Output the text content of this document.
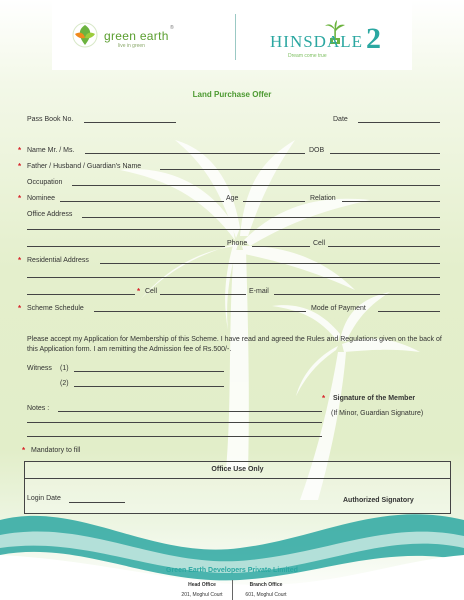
green earth
®
live in green	HINSDALE 2
Dream come true
Land Purchase Offer
Pass Book No.	Date
* Name Mr. / Ms.	DOB
* Father / Husband / Guardian's Name
Occupation
* Nominee	Age	Relation
Office Address
Phone	Cell
* Residential Address
* Cell	E-mail
* Scheme Schedule	Mode of Payment
Please accept my Application for Membership of this Scheme. I have read and agreed the Rules and Regulations given on the back of this Application form. I am remitting the Admission fee of Rs.500/-.
Witness (1)
(2)
Notes :
* Signature of the Member
(If Minor, Guardian Signature)
* Mandatory to fill
Office Use Only
Login Date	Authorized Signatory
Green Earth Developers Private Limited
Head Office
201, Moghul Court
Branch Office
601, Moghul Court
